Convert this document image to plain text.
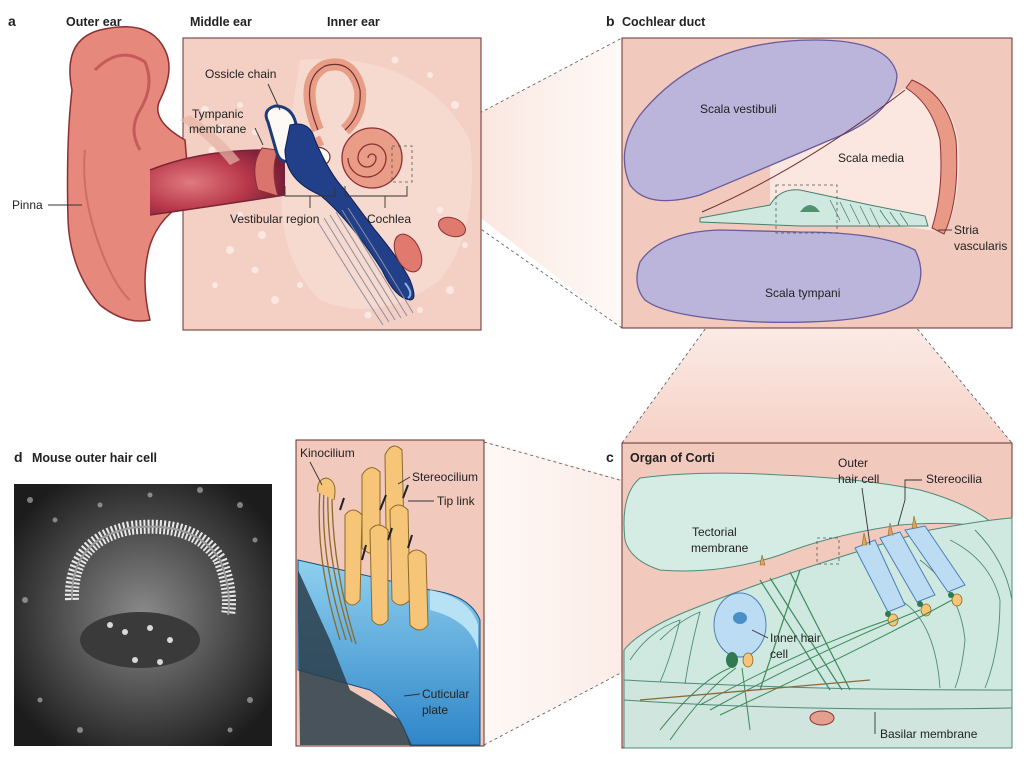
a	Outer ear	Middle ear	Inner ear
Ossicle chain
Tympanic
membrane
Pinna
Vestibular region	Cochlea
b Cochlear duct
Scala vestibuli
Scala media
Scala tympani
Stria
vascularis
c Organ of Corti	Outer
hair cell	Stereocilia
Tectorial
membrane
Inner hair
cell
Basilar membrane
d Mouse outer hair cell	Kinocilium
Stereocilium
Tip link
Cuticular
plate
